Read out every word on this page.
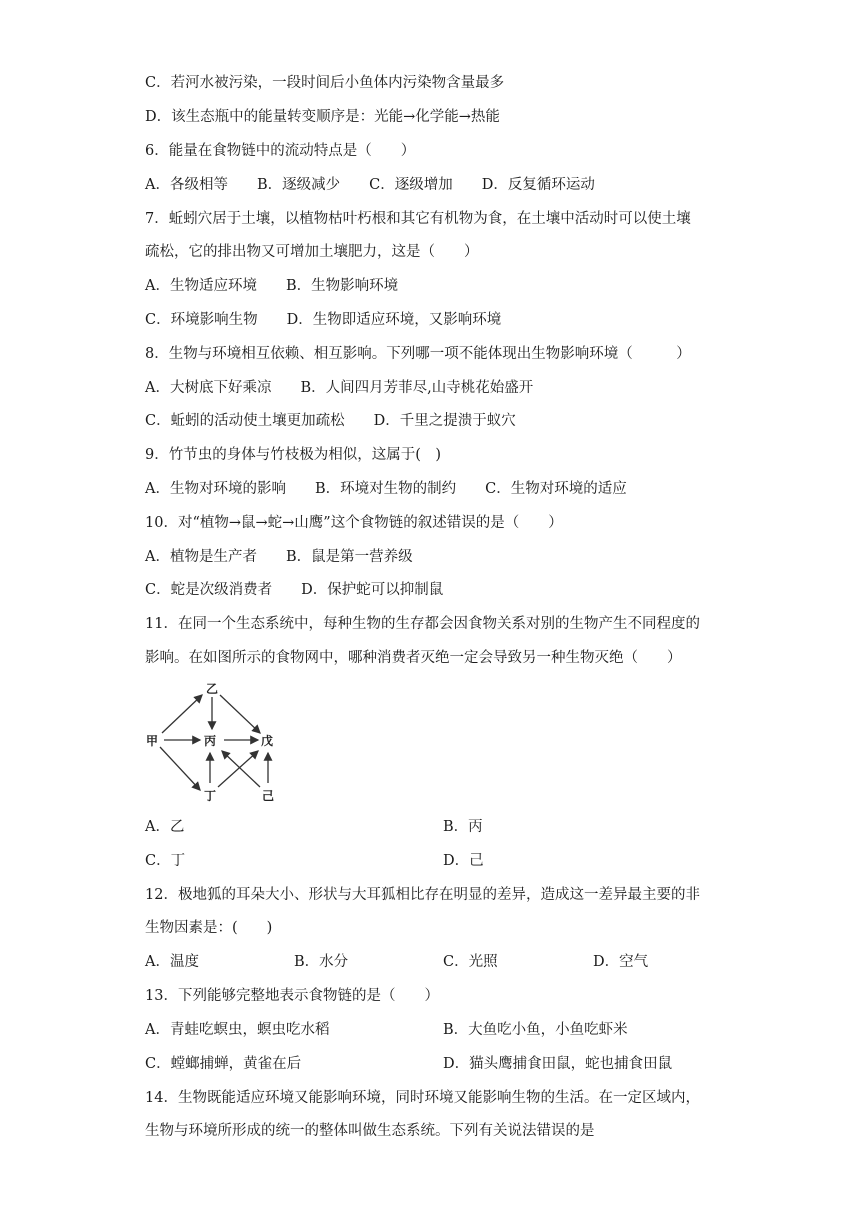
C．若河水被污染，一段时间后小鱼体内污染物含量最多
D．该生态瓶中的能量转变顺序是：光能→化学能→热能
6．能量在食物链中的流动特点是（　　）
A．各级相等　　B．逐级减少　　C．逐级增加　　D．反复循环运动
7．蚯蚓穴居于土壤，以植物枯叶朽根和其它有机物为食，在土壤中活动时可以使土壤
疏松，它的排出物又可增加土壤肥力，这是（　　）
A．生物适应环境　　B．生物影响环境
C．环境影响生物　　D．生物即适应环境，又影响环境
8．生物与环境相互依赖、相互影响。下列哪一项不能体现出生物影响环境（　　　）
A．大树底下好乘凉　　B．人间四月芳菲尽,山寺桃花始盛开
C．蚯蚓的活动使土壤更加疏松　　D．千里之提溃于蚁穴
9．竹节虫的身体与竹枝极为相似，这属于(　)
A．生物对环境的影响　　B．环境对生物的制约　　C．生物对环境的适应
10．对“植物→鼠→蛇→山鹰”这个食物链的叙述错误的是（　　）
A．植物是生产者　　B．鼠是第一营养级
C．蛇是次级消费者　　D．保护蛇可以抑制鼠
11．在同一个生态系统中，每种生物的生存都会因食物关系对别的生物产生不同程度的
影响。在如图所示的食物网中，哪种消费者灭绝一定会导致另一种生物灭绝（　　）
乙
甲	丙	戊
丁	己
A．乙	B．丙
C．丁	D．己
12．极地狐的耳朵大小、形状与大耳狐相比存在明显的差异，造成这一差异最主要的非
生物因素是：(　　)
A．温度	B．水分	C．光照	D．空气
13．下列能够完整地表示食物链的是（　　）
A．青蛙吃螟虫，螟虫吃水稻	B．大鱼吃小鱼，小鱼吃虾米
C．螳螂捕蝉，黄雀在后	D．猫头鹰捕食田鼠，蛇也捕食田鼠
14．生物既能适应环境又能影响环境，同时环境又能影响生物的生活。在一定区域内，
生物与环境所形成的统一的整体叫做生态系统。下列有关说法错误的是
